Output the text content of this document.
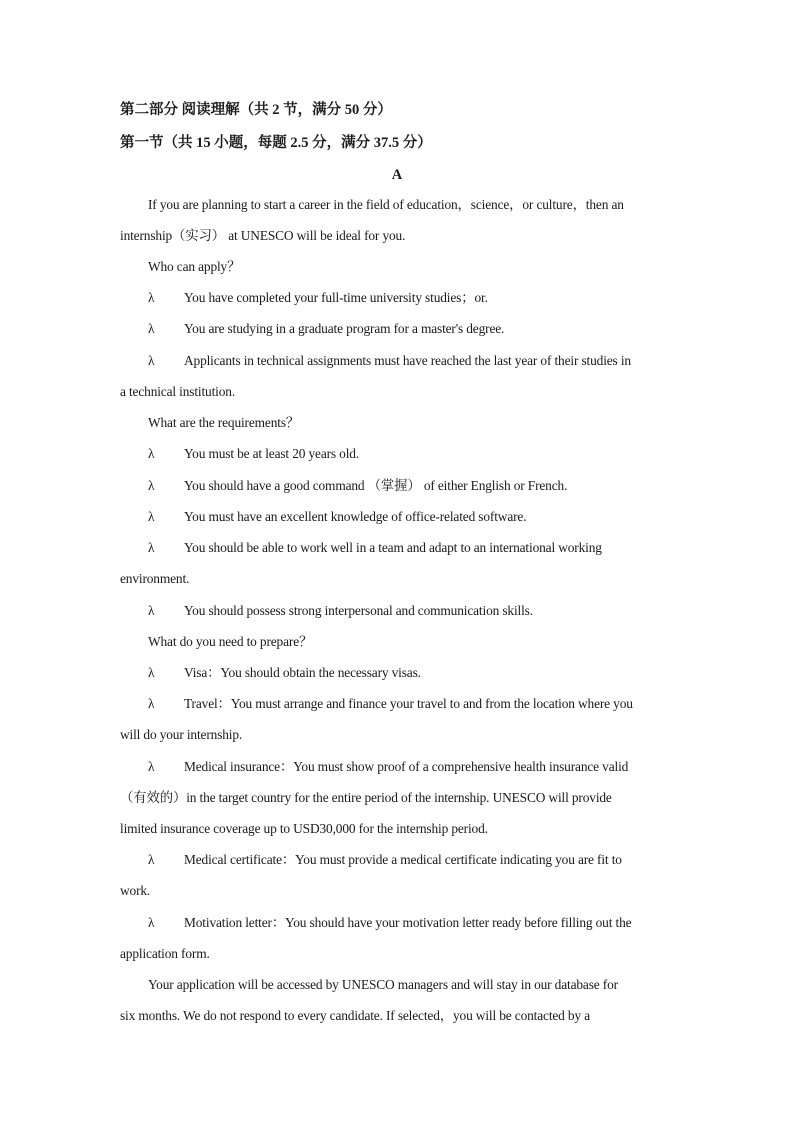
第二部分 阅读理解（共 2 节，满分 50 分）
第一节（共 15 小题，每题 2.5 分，满分 37.5 分）
A
If you are planning to start a career in the field of education，science，or culture，then an
internship（实习） at UNESCO will be ideal for you.
Who can apply？
λ You have completed your full-time university studies；or.
λ You are studying in a graduate program for a master's degree.
λ Applicants in technical assignments must have reached the last year of their studies in
a technical institution.
What are the requirements？
λ You must be at least 20 years old.
λ You should have a good command （掌握） of either English or French.
λ You must have an excellent knowledge of office-related software.
λ You should be able to work well in a team and adapt to an international working
environment.
λ You should possess strong interpersonal and communication skills.
What do you need to prepare？
λ Visa：You should obtain the necessary visas.
λ Travel：You must arrange and finance your travel to and from the location where you
will do your internship.
λ Medical insurance：You must show proof of a comprehensive health insurance valid
（有效的）in the target country for the entire period of the internship. UNESCO will provide
limited insurance coverage up to USD30,000 for the internship period.
λ Medical certificate：You must provide a medical certificate indicating you are fit to
work.
λ Motivation letter：You should have your motivation letter ready before filling out the
application form.
Your application will be accessed by UNESCO managers and will stay in our database for
six months. We do not respond to every candidate. If selected，you will be contacted by a
